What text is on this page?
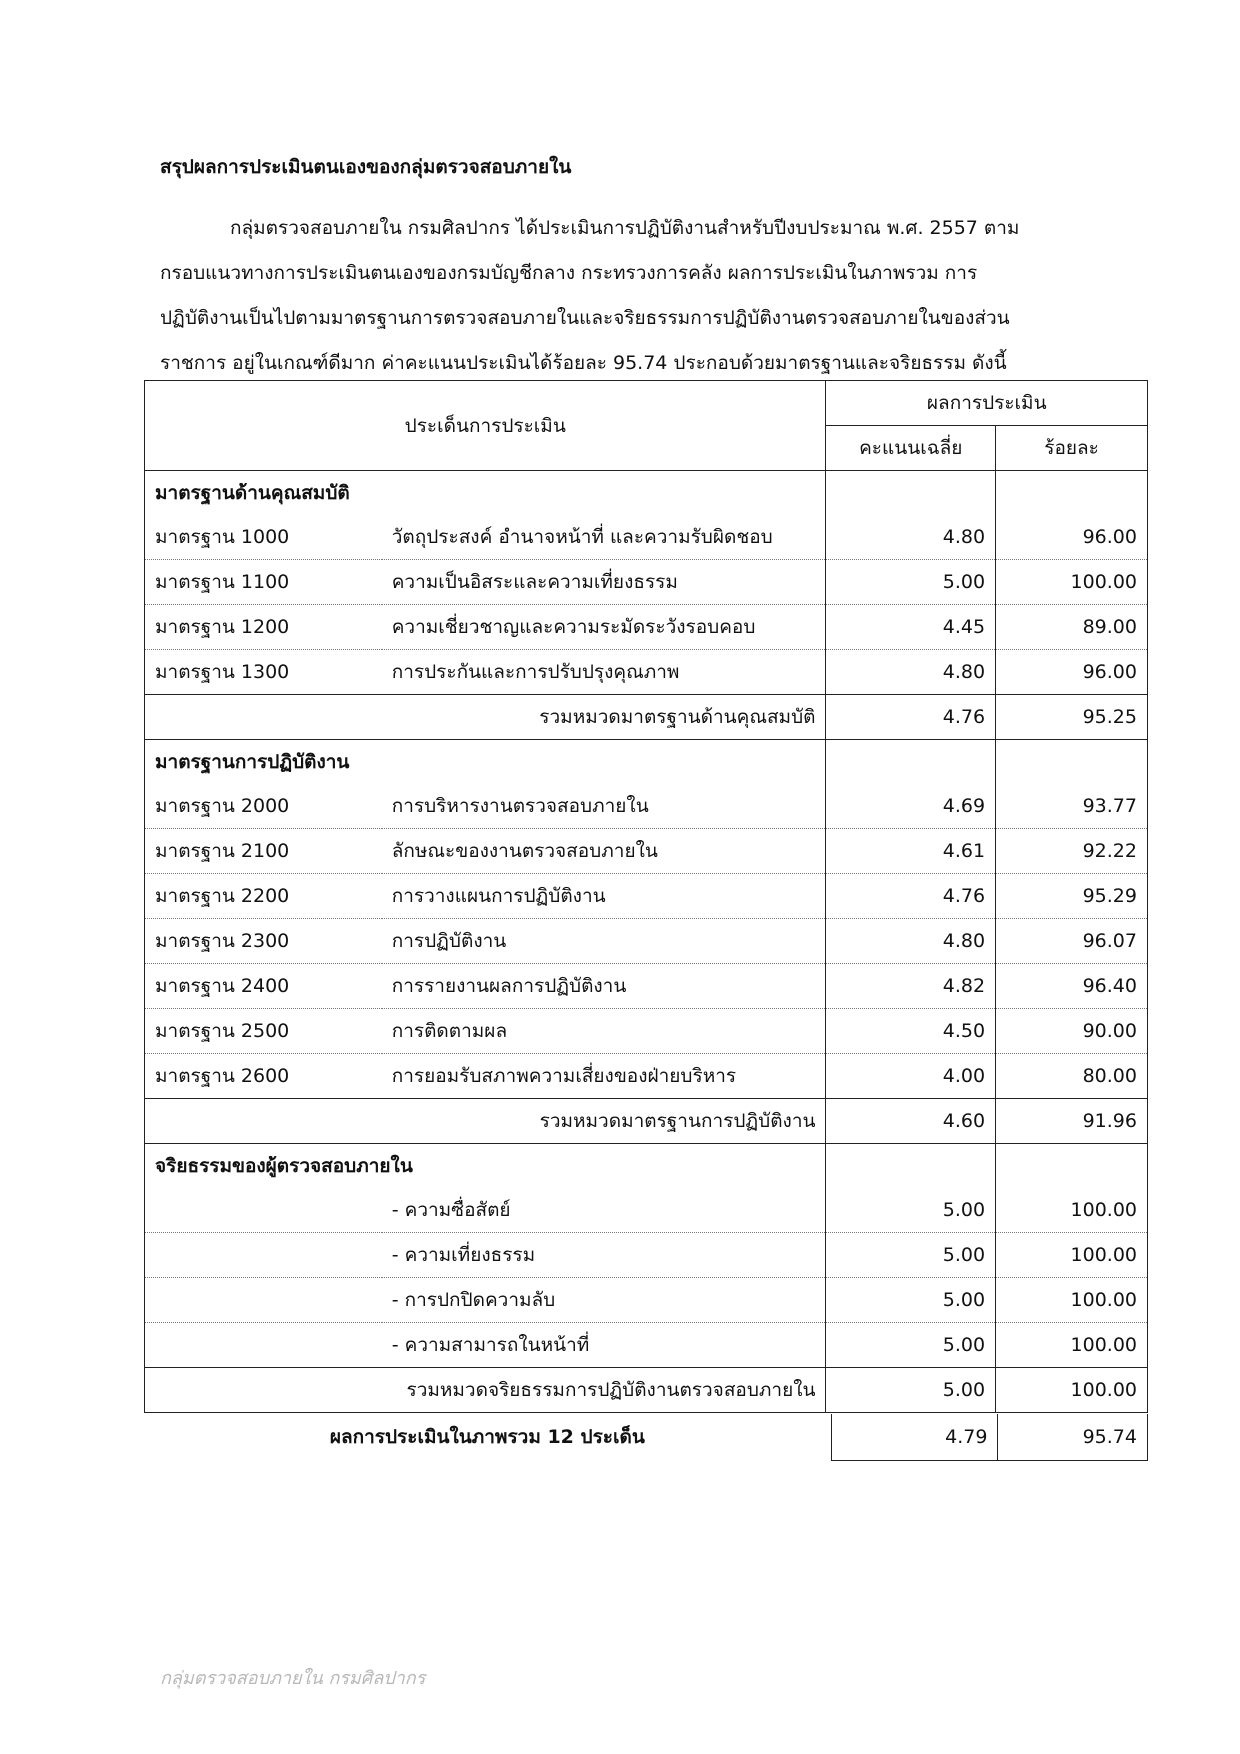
สรุปผลการประเมินตนเองของกลุ่มตรวจสอบภายใน

กลุ่มตรวจสอบภายใน กรมศิลปากร ได้ประเมินการปฏิบัติงานสำหรับปีงบประมาณ พ.ศ. 2557 ตาม
กรอบแนวทางการประเมินตนเองของกรมบัญชีกลาง กระทรวงการคลัง ผลการประเมินในภาพรวม การ
ปฏิบัติงานเป็นไปตามมาตรฐานการตรวจสอบภายในและจริยธรรมการปฏิบัติงานตรวจสอบภายในของส่วน
ราชการ อยู่ในเกณฑ์ดีมาก ค่าคะแนนประเมินได้ร้อยละ 95.74 ประกอบด้วยมาตรฐานและจริยธรรม ดังนี้

ประเด็นการประเมิน		ผลการประเมิน	
		คะแนนเฉลี่ย	ร้อยละ
มาตรฐานด้านคุณสมบัติ			
มาตรฐาน 1000	วัตถุประสงค์ อำนาจหน้าที่ และความรับผิดชอบ	4.80	96.00
มาตรฐาน 1100	ความเป็นอิสระและความเที่ยงธรรม	5.00	100.00
มาตรฐาน 1200	ความเชี่ยวชาญและความระมัดระวังรอบคอบ	4.45	89.00
มาตรฐาน 1300	การประกันและการปรับปรุงคุณภาพ	4.80	96.00
รวมหมวดมาตรฐานด้านคุณสมบัติ		4.76	95.25
มาตรฐานการปฏิบัติงาน			
มาตรฐาน 2000	การบริหารงานตรวจสอบภายใน	4.69	93.77
มาตรฐาน 2100	ลักษณะของงานตรวจสอบภายใน	4.61	92.22
มาตรฐาน 2200	การวางแผนการปฏิบัติงาน	4.76	95.29
มาตรฐาน 2300	การปฏิบัติงาน	4.80	96.07
มาตรฐาน 2400	การรายงานผลการปฏิบัติงาน	4.82	96.40
มาตรฐาน 2500	การติดตามผล	4.50	90.00
มาตรฐาน 2600	การยอมรับสภาพความเสี่ยงของฝ่ายบริหาร	4.00	80.00
รวมหมวดมาตรฐานการปฏิบัติงาน		4.60	91.96
จริยธรรมของผู้ตรวจสอบภายใน			
	- ความซื่อสัตย์	5.00	100.00
	- ความเที่ยงธรรม	5.00	100.00
	- การปกปิดความลับ	5.00	100.00
	- ความสามารถในหน้าที่	5.00	100.00
รวมหมวดจริยธรรมการปฏิบัติงานตรวจสอบภายใน		5.00	100.00
ผลการประเมินในภาพรวม 12 ประเด็น	4.79	95.74
กลุ่มตรวจสอบภายใน กรมศิลปากร
